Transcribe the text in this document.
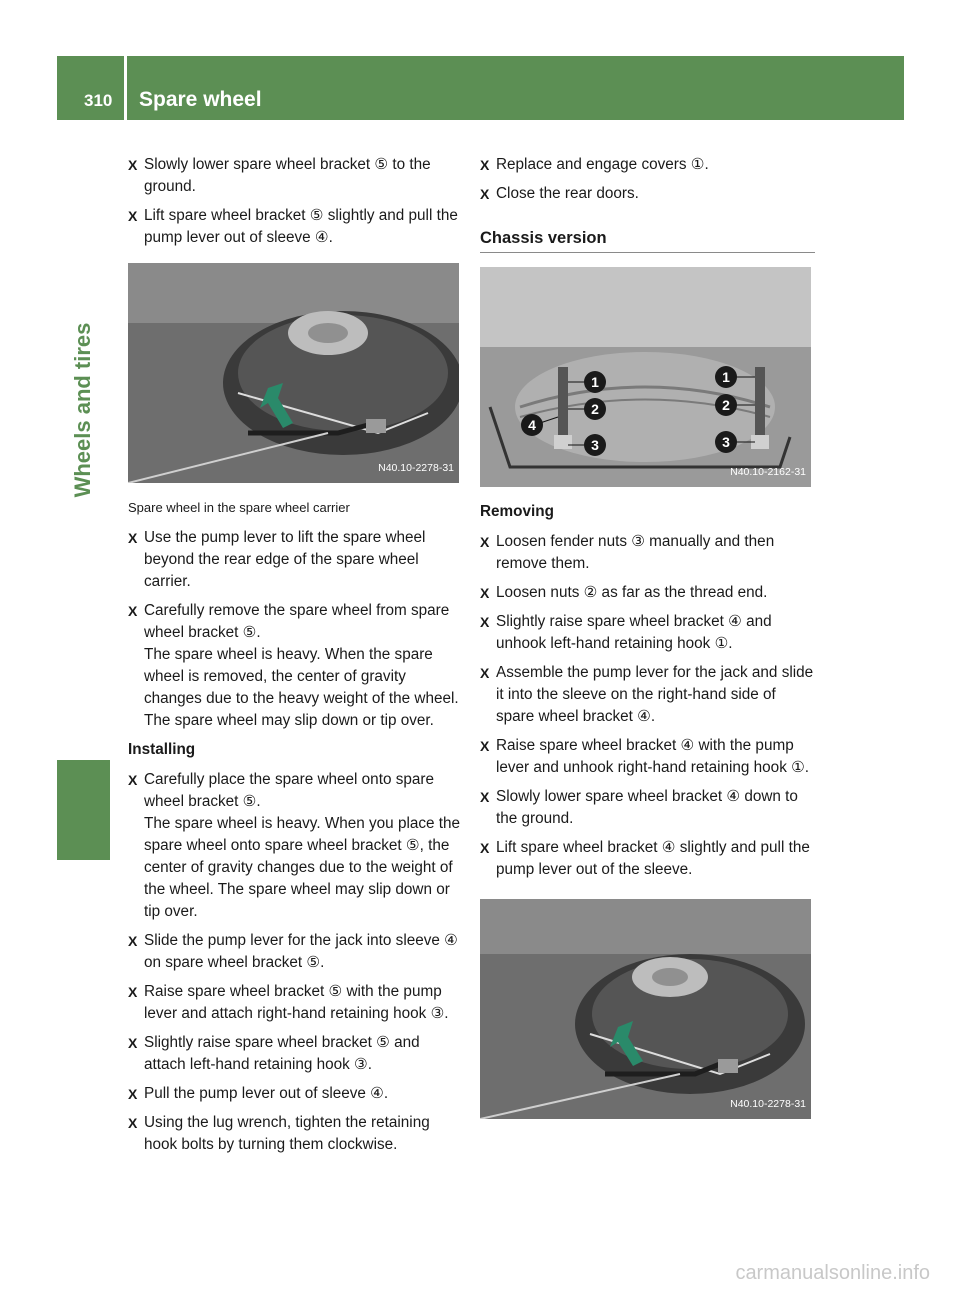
310	Spare wheel
Wheels and tires
X Slowly lower spare wheel bracket ⑤ to the ground.
X Lift spare wheel bracket ⑤ slightly and pull the pump lever out of sleeve ④.
N40.10-2278-31
Spare wheel in the spare wheel carrier
X Use the pump lever to lift the spare wheel beyond the rear edge of the spare wheel carrier.
X Carefully remove the spare wheel from spare wheel bracket ⑤.
The spare wheel is heavy. When the spare wheel is removed, the center of gravity changes due to the heavy weight of the wheel. The spare wheel may slip down or tip over.
Installing
X Carefully place the spare wheel onto spare wheel bracket ⑤.
The spare wheel is heavy. When you place the spare wheel onto spare wheel bracket ⑤, the center of gravity changes due to the weight of the wheel. The spare wheel may slip down or tip over.
X Slide the pump lever for the jack into sleeve ④ on spare wheel bracket ⑤.
X Raise spare wheel bracket ⑤ with the pump lever and attach right-hand retaining hook ③.
X Slightly raise spare wheel bracket ⑤ and attach left-hand retaining hook ③.
X Pull the pump lever out of sleeve ④.
X Using the lug wrench, tighten the retaining hook bolts by turning them clockwise.
X Replace and engage covers ①.
X Close the rear doors.
Chassis version
1
2
3
4
1
2
3
N40.10-2162-31
Removing
X Loosen fender nuts ③ manually and then remove them.
X Loosen nuts ② as far as the thread end.
X Slightly raise spare wheel bracket ④ and unhook left-hand retaining hook ①.
X Assemble the pump lever for the jack and slide it into the sleeve on the right-hand side of spare wheel bracket ④.
X Raise spare wheel bracket ④ with the pump lever and unhook right-hand retaining hook ①.
X Slowly lower spare wheel bracket ④ down to the ground.
X Lift spare wheel bracket ④ slightly and pull the pump lever out of the sleeve.
N40.10-2278-31
carmanualsonline.info
